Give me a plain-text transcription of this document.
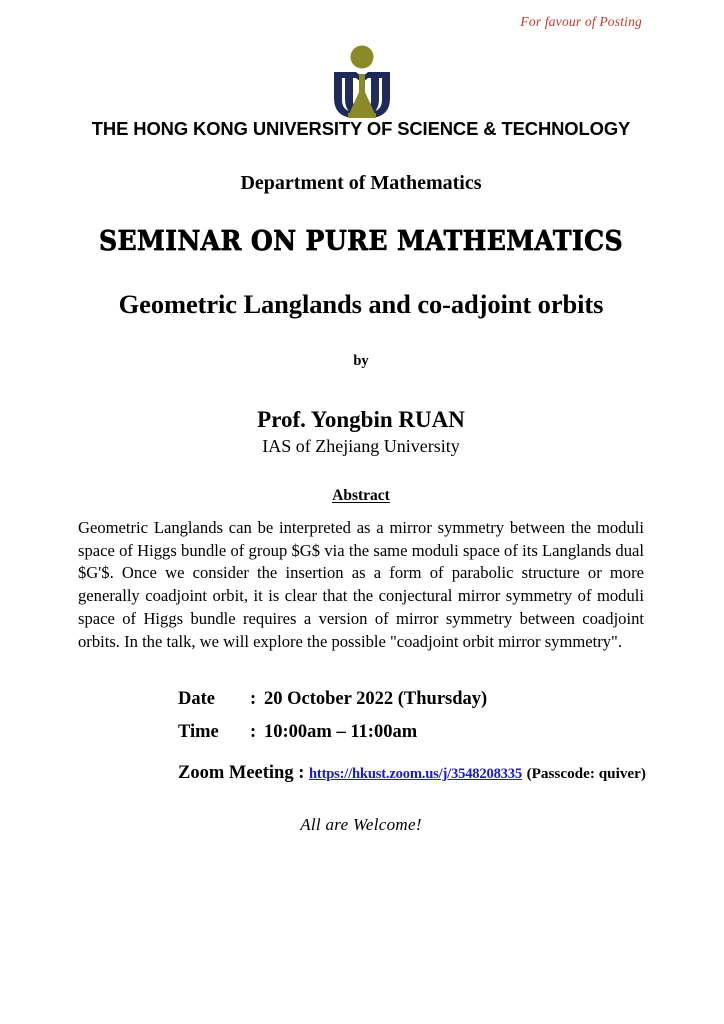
For favour of Posting
THE HONG KONG UNIVERSITY OF SCIENCE & TECHNOLOGY
Department of Mathematics
SEMINAR ON PURE MATHEMATICS
Geometric Langlands and co-adjoint orbits
by
Prof. Yongbin RUAN
IAS of Zhejiang University
Abstract

Geometric Langlands can be interpreted as a mirror symmetry between the moduli space of Higgs bundle of group $G$ via the same moduli space of its Langlands dual $G'$. Once we consider the insertion as a form of parabolic structure or more generally coadjoint orbit, it is clear that the conjectural mirror symmetry of moduli space of Higgs bundle requires a version of mirror symmetry between coadjoint orbits. In the talk, we will explore the possible "coadjoint orbit mirror symmetry".

Date	: 20 October 2022 (Thursday)
Time	: 10:00am – 11:00am
Zoom Meeting : https://hkust.zoom.us/j/3548208335 (Passcode: quiver)
All are Welcome!
